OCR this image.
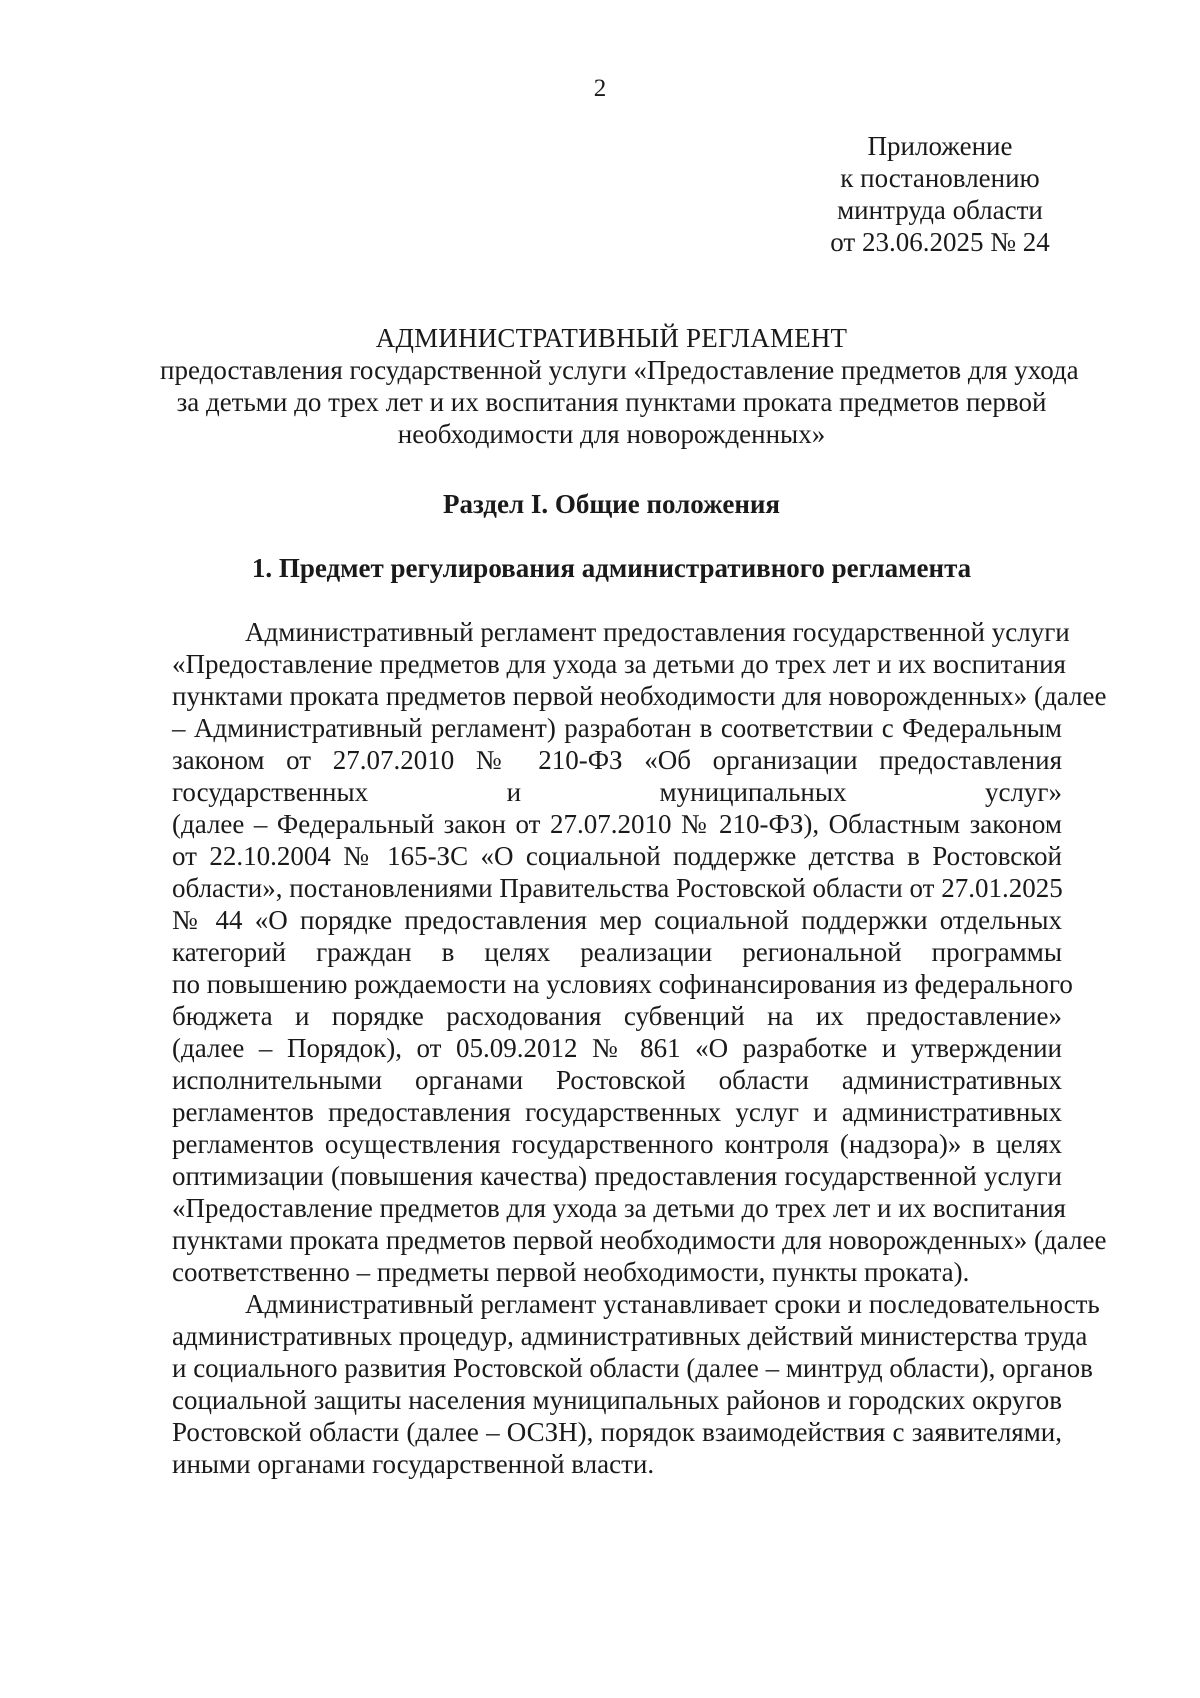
2
Приложение
к постановлению
минтруда области
от 23.06.2025 № 24
АДМИНИСТРАТИВНЫЙ РЕГЛАМЕНТ
предоставления государственной услуги «Предоставление предметов для ухода
за детьми до трех лет и их воспитания пунктами проката предметов первой
необходимости для новорожденных»
Раздел I. Общие положения
1. Предмет регулирования административного регламента
Административный регламент предоставления государственной услуги
«Предоставление предметов для ухода за детьми до трех лет и их воспитания
пунктами проката предметов первой необходимости для новорожденных» (далее
– Административный регламент) разработан в соответствии с Федеральным
законом от 27.07.2010 № 210-ФЗ «Об организации предоставления
государственных и муниципальных услуг»
(далее – Федеральный закон от 27.07.2010 № 210-ФЗ), Областным законом
от 22.10.2004 № 165-ЗС «О социальной поддержке детства в Ростовской
области», постановлениями Правительства Ростовской области от 27.01.2025
№ 44 «О порядке предоставления мер социальной поддержки отдельных
категорий граждан в целях реализации региональной программы
по повышению рождаемости на условиях софинансирования из федерального
бюджета и порядке расходования субвенций на их предоставление»
(далее – Порядок), от 05.09.2012 № 861 «О разработке и утверждении
исполнительными органами Ростовской области административных
регламентов предоставления государственных услуг и административных
регламентов осуществления государственного контроля (надзора)» в целях
оптимизации (повышения качества) предоставления государственной услуги
«Предоставление предметов для ухода за детьми до трех лет и их воспитания
пунктами проката предметов первой необходимости для новорожденных» (далее
соответственно – предметы первой необходимости, пункты проката).
Административный регламент устанавливает сроки и последовательность
административных процедур, административных действий министерства труда
и социального развития Ростовской области (далее – минтруд области), органов
социальной защиты населения муниципальных районов и городских округов
Ростовской области (далее – ОСЗН), порядок взаимодействия с заявителями,
иными органами государственной власти.
